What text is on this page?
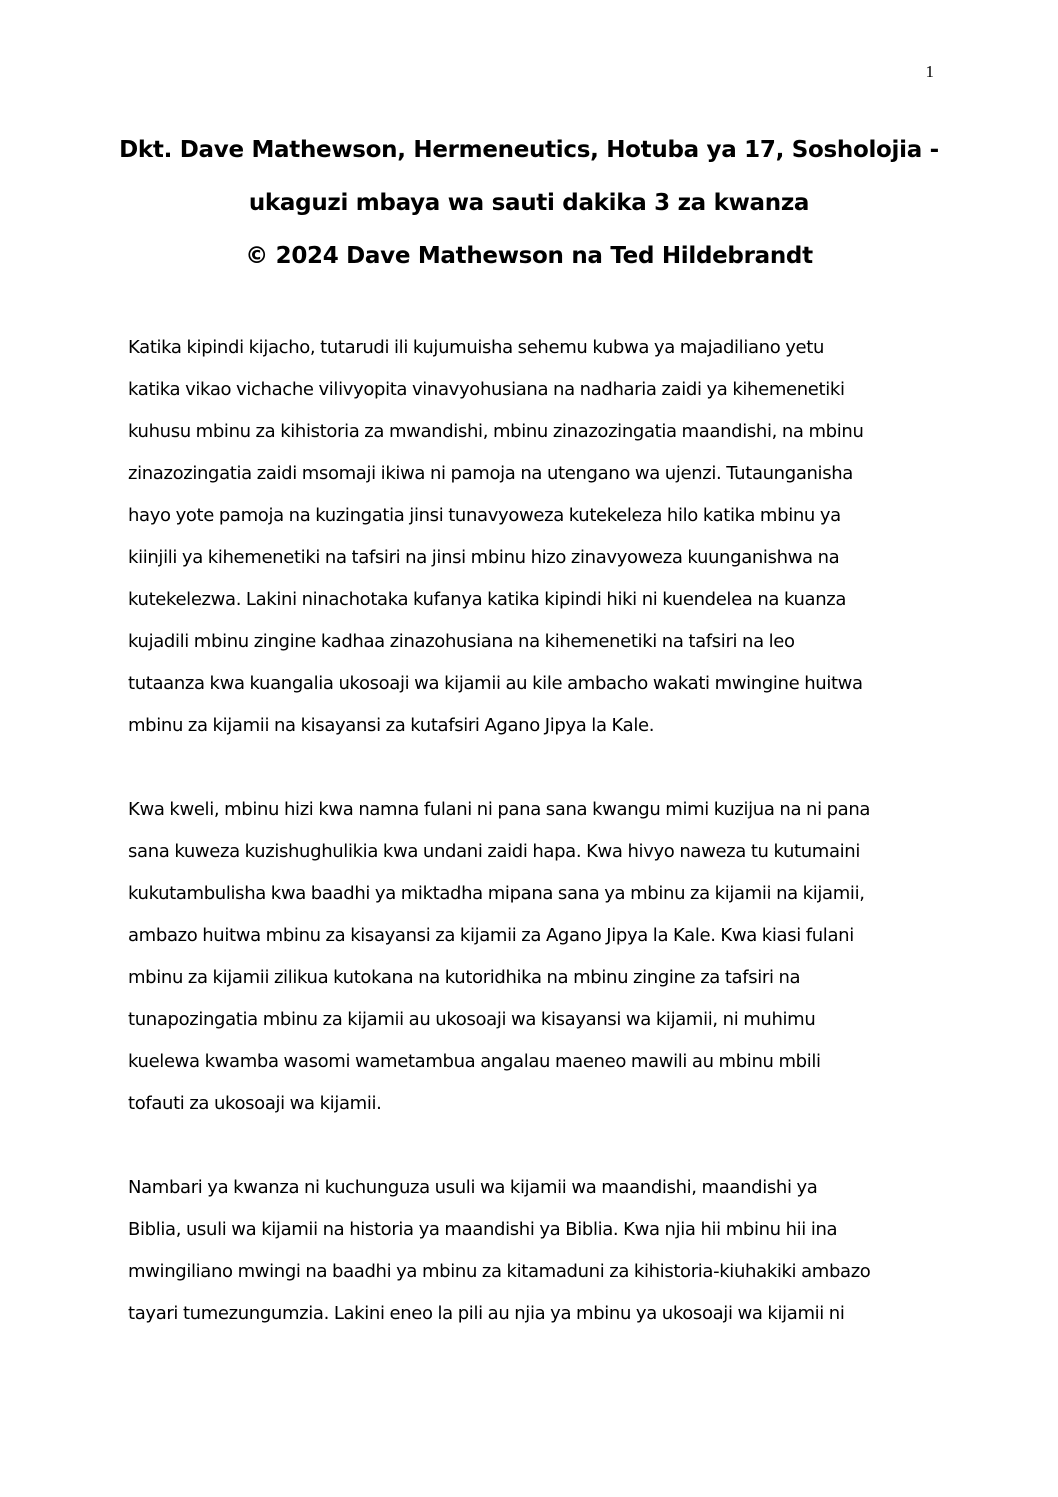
1
Dkt. Dave Mathewson, Hermeneutics, Hotuba ya 17, Sosholojia -
ukaguzi mbaya wa sauti dakika 3 za kwanza
© 2024 Dave Mathewson na Ted Hildebrandt
Katika kipindi kijacho, tutarudi ili kujumuisha sehemu kubwa ya majadiliano yetu
katika vikao vichache vilivyopita vinavyohusiana na nadharia zaidi ya kihemenetiki
kuhusu mbinu za kihistoria za mwandishi, mbinu zinazozingatia maandishi, na mbinu
zinazozingatia zaidi msomaji ikiwa ni pamoja na utengano wa ujenzi. Tutaunganisha
hayo yote pamoja na kuzingatia jinsi tunavyoweza kutekeleza hilo katika mbinu ya
kiinjili ya kihemenetiki na tafsiri na jinsi mbinu hizo zinavyoweza kuunganishwa na
kutekelezwa. Lakini ninachotaka kufanya katika kipindi hiki ni kuendelea na kuanza
kujadili mbinu zingine kadhaa zinazohusiana na kihemenetiki na tafsiri na leo
tutaanza kwa kuangalia ukosoaji wa kijamii au kile ambacho wakati mwingine huitwa
mbinu za kijamii na kisayansi za kutafsiri Agano Jipya la Kale.
Kwa kweli, mbinu hizi kwa namna fulani ni pana sana kwangu mimi kuzijua na ni pana
sana kuweza kuzishughulikia kwa undani zaidi hapa. Kwa hivyo naweza tu kutumaini
kukutambulisha kwa baadhi ya miktadha mipana sana ya mbinu za kijamii na kijamii,
ambazo huitwa mbinu za kisayansi za kijamii za Agano Jipya la Kale. Kwa kiasi fulani
mbinu za kijamii zilikua kutokana na kutoridhika na mbinu zingine za tafsiri na
tunapozingatia mbinu za kijamii au ukosoaji wa kisayansi wa kijamii, ni muhimu
kuelewa kwamba wasomi wametambua angalau maeneo mawili au mbinu mbili
tofauti za ukosoaji wa kijamii.
Nambari ya kwanza ni kuchunguza usuli wa kijamii wa maandishi, maandishi ya
Biblia, usuli wa kijamii na historia ya maandishi ya Biblia. Kwa njia hii mbinu hii ina
mwingiliano mwingi na baadhi ya mbinu za kitamaduni za kihistoria-kiuhakiki ambazo
tayari tumezungumzia. Lakini eneo la pili au njia ya mbinu ya ukosoaji wa kijamii ni
